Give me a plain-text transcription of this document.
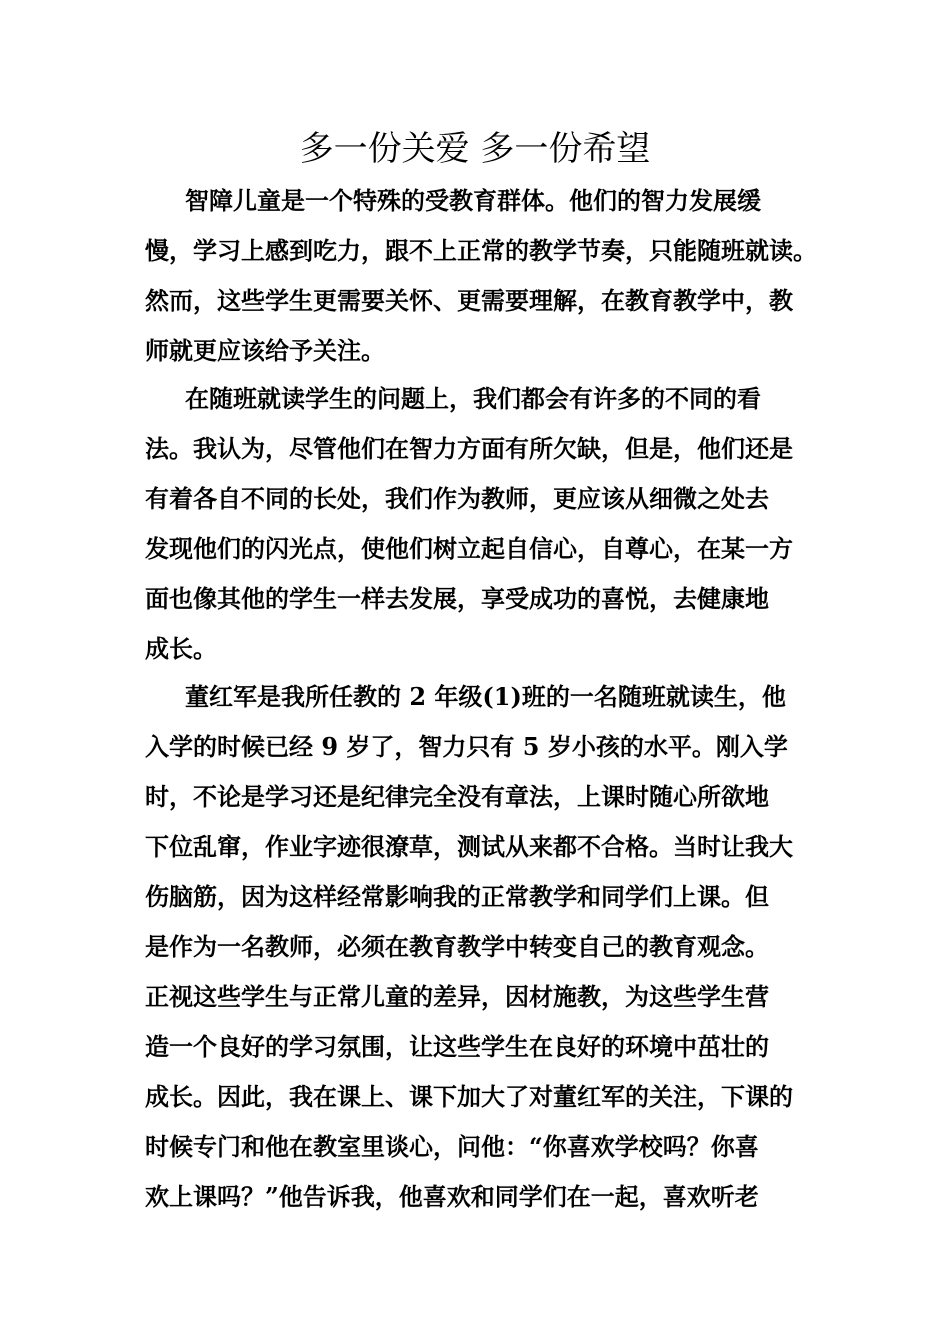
多一份关爱 多一份希望
智障儿童是一个特殊的受教育群体。他们的智力发展缓
慢，学习上感到吃力，跟不上正常的教学节奏，只能随班就读。
然而，这些学生更需要关怀、更需要理解，在教育教学中，教
师就更应该给予关注。
在随班就读学生的问题上，我们都会有许多的不同的看
法。我认为，尽管他们在智力方面有所欠缺，但是，他们还是
有着各自不同的长处，我们作为教师，更应该从细微之处去
发现他们的闪光点，使他们树立起自信心，自尊心，在某一方
面也像其他的学生一样去发展，享受成功的喜悦，去健康地
成长。
董红军是我所任教的 2 年级(1)班的一名随班就读生，他
入学的时候已经 9 岁了，智力只有 5 岁小孩的水平。刚入学
时，不论是学习还是纪律完全没有章法，上课时随心所欲地
下位乱窜，作业字迹很潦草，测试从来都不合格。当时让我大
伤脑筋，因为这样经常影响我的正常教学和同学们上课。但
是作为一名教师，必须在教育教学中转变自己的教育观念。
正视这些学生与正常儿童的差异，因材施教，为这些学生营
造一个良好的学习氛围，让这些学生在良好的环境中茁壮的
成长。因此，我在课上、课下加大了对董红军的关注，下课的
时候专门和他在教室里谈心，问他：“你喜欢学校吗？你喜
欢上课吗？”他告诉我，他喜欢和同学们在一起，喜欢听老
